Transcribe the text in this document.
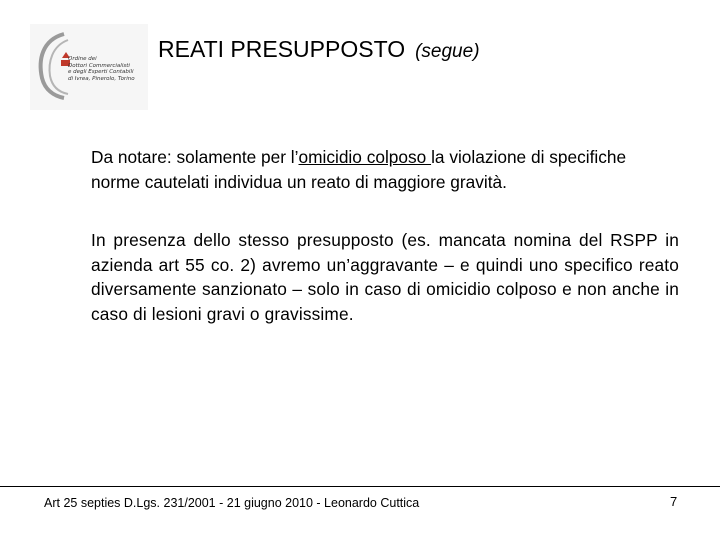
Ordine dei
Dottori Commercialisti
e degli Esperti Contabili
di Ivrea, Pinerolo, Torino
REATI PRESUPPOSTO (segue)
Da notare: solamente per l’omicidio colposo la violazione di specifiche norme cautelati individua un reato di maggiore gravità.
In presenza dello stesso presupposto (es. mancata nomina del RSPP in azienda art 55 co. 2) avremo un’aggravante – e quindi uno specifico reato diversamente sanzionato – solo in caso di omicidio colposo e non anche in caso di lesioni gravi o gravissime.
Art 25 septies D.Lgs. 231/2001 - 21 giugno 2010 - Leonardo Cuttica	7
